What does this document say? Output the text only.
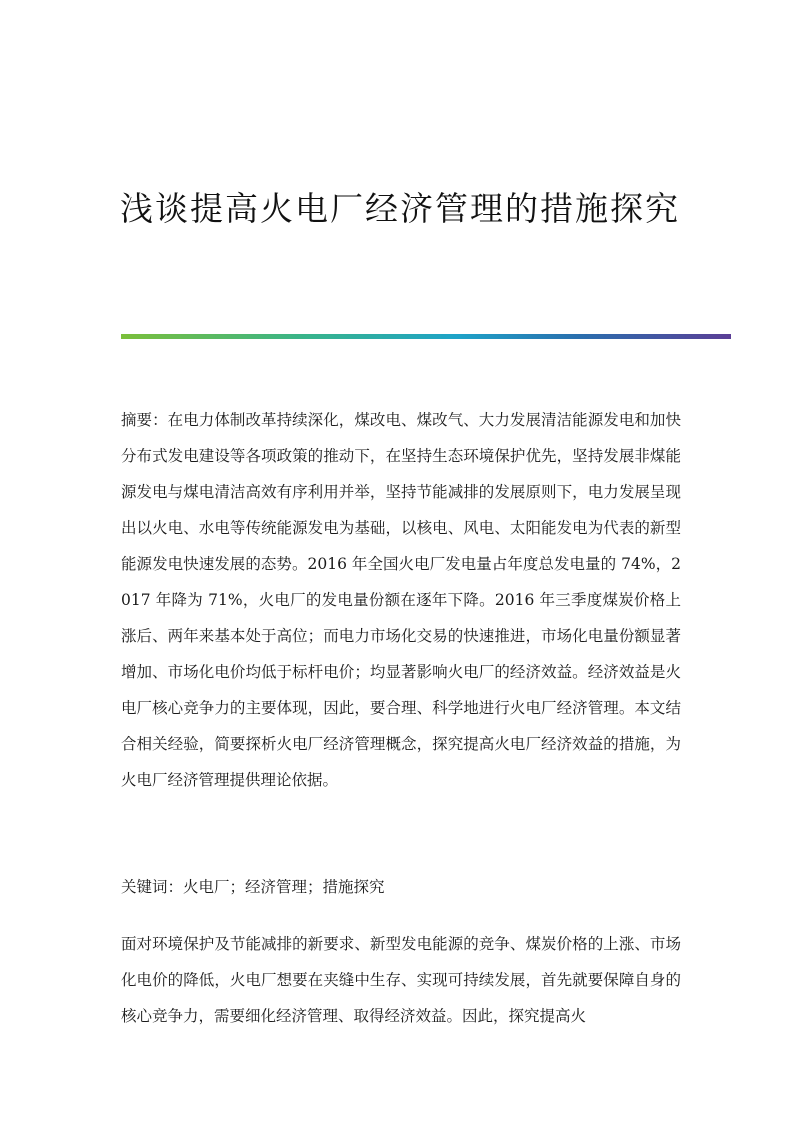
浅谈提高火电厂经济管理的措施探究

摘要：在电力体制改革持续深化，煤改电、煤改气、大力发展清洁能源发电和加快分布式发电建设等各项政策的推动下，在坚持生态环境保护优先，坚持发展非煤能源发电与煤电清洁高效有序利用并举，坚持节能减排的发展原则下，电力发展呈现出以火电、水电等传统能源发电为基础，以核电、风电、太阳能发电为代表的新型能源发电快速发展的态势。2016 年全国火电厂发电量占年度总发电量的 74%，2017 年降为 71%，火电厂的发电量份额在逐年下降。2016 年三季度煤炭价格上涨后、两年来基本处于高位；而电力市场化交易的快速推进，市场化电量份额显著增加、市场化电价均低于标杆电价；均显著影响火电厂的经济效益。经济效益是火电厂核心竞争力的主要体现，因此，要合理、科学地进行火电厂经济管理。本文结合相关经验，简要探析火电厂经济管理概念，探究提高火电厂经济效益的措施，为火电厂经济管理提供理论依据。

关键词：火电厂；经济管理；措施探究

面对环境保护及节能减排的新要求、新型发电能源的竞争、煤炭价格的上涨、市场化电价的降低，火电厂想要在夹缝中生存、实现可持续发展，首先就要保障自身的核心竞争力，需要细化经济管理、取得经济效益。因此，探究提高火
